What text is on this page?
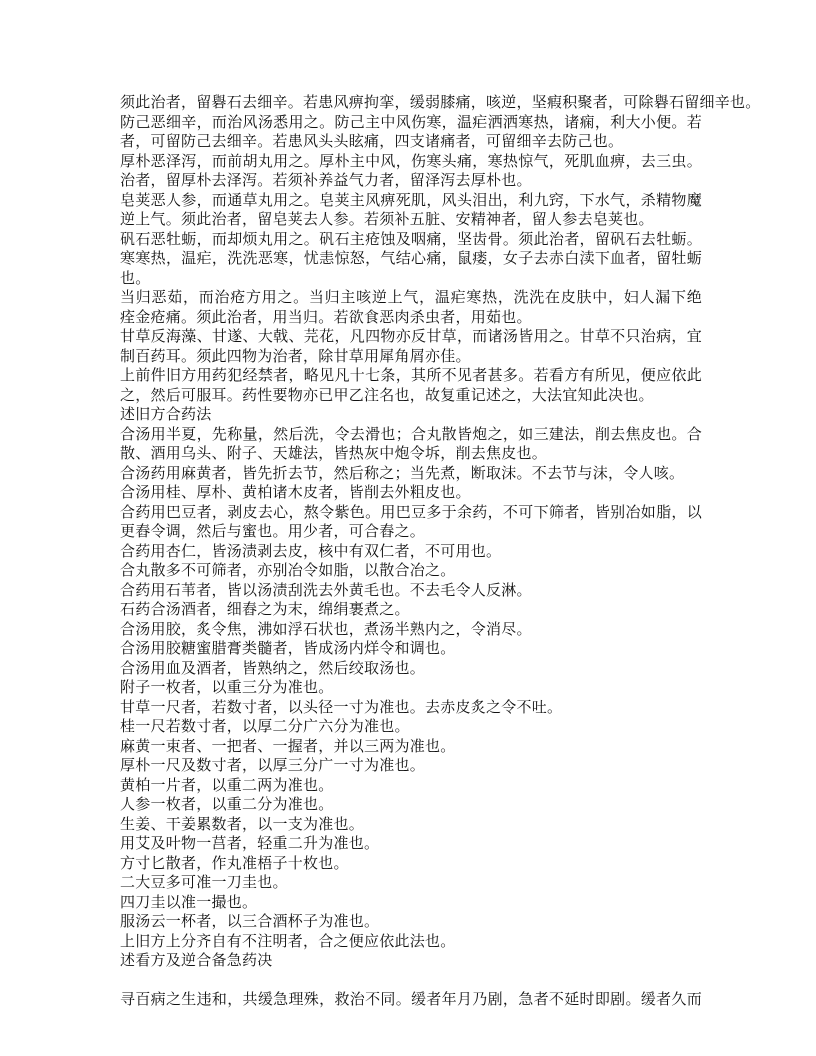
须此治者，留礜石去细辛。若患风痹拘挛，缓弱膝痛，咳逆，坚瘕积聚者，可除礜石留细辛也。
防己恶细辛，而治风汤悉用之。防己主中风伤寒，温疟洒洒寒热，诸痫，利大小便。若
者，可留防己去细辛。若患风头头眩痛，四支诸痛者，可留细辛去防己也。
厚朴恶泽泻，而前胡丸用之。厚朴主中风，伤寒头痛，寒热惊气，死肌血痹，去三虫。
治者，留厚朴去泽泻。若须补养益气力者，留泽泻去厚朴也。
皂荚恶人参，而通草丸用之。皂荚主风痹死肌，风头泪出，利九窍，下水气，杀精物魔
逆上气。须此治者，留皂荚去人参。若须补五脏、安精神者，留人参去皂荚也。
矾石恶牡蛎，而却烦丸用之。矾石主疮蚀及咽痛，坚齿骨。须此治者，留矾石去牡蛎。
寒寒热，温疟，洗洗恶寒，忧恚惊怒，气结心痛，鼠瘘，女子去赤白渎下血者，留牡蛎
也。
当归恶茹，而治疮方用之。当归主咳逆上气，温疟寒热，洗洗在皮肤中，妇人漏下绝
痊金疮痛。须此治者，用当归。若欲食恶肉杀虫者，用茹也。
甘草反海藻、甘遂、大戟、芫花，凡四物亦反甘草，而诸汤皆用之。甘草不只治病，宜
制百药耳。须此四物为治者，除甘草用犀角屑亦佳。
上前件旧方用药犯经禁者，略见凡十七条，其所不见者甚多。若看方有所见，便应依此
之，然后可服耳。药性要物亦已甲乙注名也，故复重记述之，大法宜知此决也。
述旧方合药法
合汤用半夏，先称量，然后洗，令去滑也；合丸散皆炮之，如三建法，削去焦皮也。合
散、酒用乌头、附子、天雄法，皆热灰中炮令坼，削去焦皮也。
合汤药用麻黄者，皆先折去节，然后称之；当先煮，断取沫。不去节与沫，令人咳。
合汤用桂、厚朴、黄柏诸木皮者，皆削去外粗皮也。
合药用巴豆者，剥皮去心，熬令紫色。用巴豆多于余药，不可下筛者，皆别冶如脂，以
更舂令调，然后与蜜也。用少者，可合舂之。
合药用杏仁，皆汤渍剥去皮，核中有双仁者，不可用也。
合丸散多不可筛者，亦别冶令如脂，以散合冶之。
合药用石苇者，皆以汤渍刮洗去外黄毛也。不去毛令人反淋。
石药合汤酒者，细舂之为末，绵绢裹煮之。
合汤用胶，炙令焦，沸如浮石状也，煮汤半熟内之，令消尽。
合汤用胶糖蜜腊膏类髓者，皆成汤内烊令和调也。
合汤用血及酒者，皆熟纳之，然后绞取汤也。
附子一枚者，以重三分为准也。
甘草一尺者，若数寸者，以头径一寸为准也。去赤皮炙之令不吐。
桂一尺若数寸者，以厚二分广六分为准也。
麻黄一束者、一把者、一握者，并以三两为准也。
厚朴一尺及数寸者，以厚三分广一寸为准也。
黄柏一片者，以重二两为准也。
人参一枚者，以重二分为准也。
生姜、干姜累数者，以一支为准也。
用艾及叶物一莒者，轻重二升为准也。
方寸匕散者，作丸准梧子十枚也。
二大豆多可准一刀圭也。
四刀圭以准一撮也。
服汤云一杯者，以三合酒杯子为准也。
上旧方上分齐自有不注明者，合之便应依此法也。
述看方及逆合备急药决
寻百病之生违和，共缓急理殊，救治不同。缓者年月乃剧，急者不延时即剧。缓者久而
